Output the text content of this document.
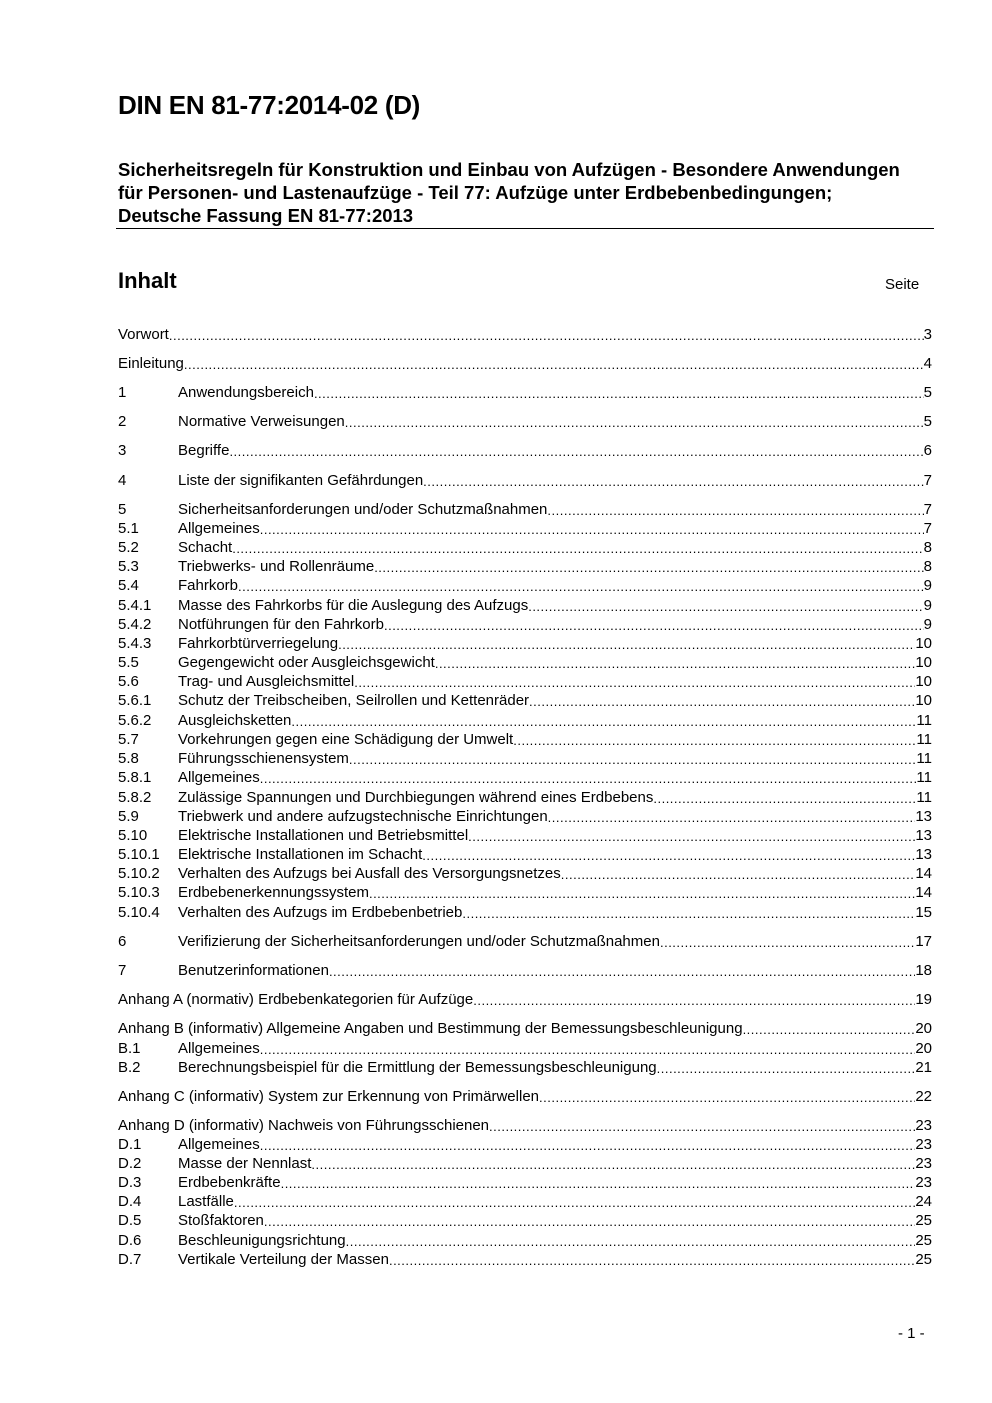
DIN EN 81-77:2014-02 (D)

Sicherheitsregeln für Konstruktion und Einbau von Aufzügen - Besondere Anwendungen für Personen- und Lastenaufzüge - Teil 77: Aufzüge unter Erdbebenbedingungen; Deutsche Fassung EN 81-77:2013

Inhalt	Seite
Vorwort .....	3
Einleitung .....	4
1	Anwendungsbereich .....	5
2	Normative Verweisungen .....	5
3	Begriffe .....	6
4	Liste der signifikanten Gefährdungen .....	7
5	Sicherheitsanforderungen und/oder Schutzmaßnahmen .....	7
5.1	Allgemeines .....	7
5.2	Schacht .....	8
5.3	Triebwerks- und Rollenräume .....	8
5.4	Fahrkorb .....	9
5.4.1	Masse des Fahrkorbs für die Auslegung des Aufzugs .....	9
5.4.2	Notführungen für den Fahrkorb .....	9
5.4.3	Fahrkorbtürverriegelung .....	10
5.5	Gegengewicht oder Ausgleichsgewicht .....	10
5.6	Trag- und Ausgleichsmittel .....	10
5.6.1	Schutz der Treibscheiben, Seilrollen und Kettenräder .....	10
5.6.2	Ausgleichsketten .....	11
5.7	Vorkehrungen gegen eine Schädigung der Umwelt .....	11
5.8	Führungsschienensystem .....	11
5.8.1	Allgemeines .....	11
5.8.2	Zulässige Spannungen und Durchbiegungen während eines Erdbebens .....	11
5.9	Triebwerk und andere aufzugstechnische Einrichtungen .....	13
5.10	Elektrische Installationen und Betriebsmittel .....	13
5.10.1	Elektrische Installationen im Schacht .....	13
5.10.2	Verhalten des Aufzugs bei Ausfall des Versorgungsnetzes .....	14
5.10.3	Erdbebenerkennungssystem .....	14
5.10.4	Verhalten des Aufzugs im Erdbebenbetrieb .....	15
6	Verifizierung der Sicherheitsanforderungen und/oder Schutzmaßnahmen .....	17
7	Benutzerinformationen .....	18
Anhang A (normativ) Erdbebenkategorien für Aufzüge .....	19
Anhang B (informativ) Allgemeine Angaben und Bestimmung der Bemessungsbeschleunigung .....	20
B.1	Allgemeines .....	20
B.2	Berechnungsbeispiel für die Ermittlung der Bemessungsbeschleunigung .....	21
Anhang C (informativ) System zur Erkennung von Primärwellen .....	22
Anhang D (informativ) Nachweis von Führungsschienen .....	23
D.1	Allgemeines .....	23
D.2	Masse der Nennlast .....	23
D.3	Erdbebenkräfte .....	23
D.4	Lastfälle .....	24
D.5	Stoßfaktoren .....	25
D.6	Beschleunigungsrichtung .....	25
D.7	Vertikale Verteilung der Massen .....	25
- 1 -
